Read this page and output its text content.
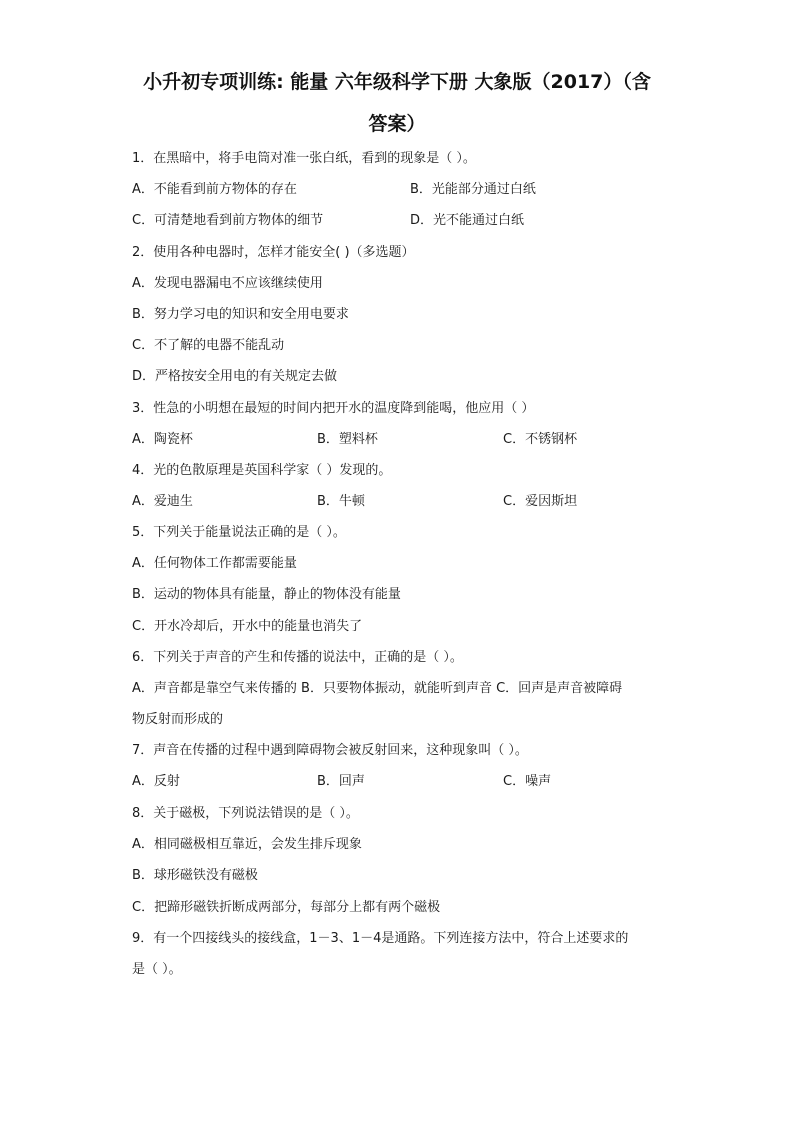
小升初专项训练: 能量 六年级科学下册 大象版（2017）（含
答案）
1．在黑暗中，将手电筒对准一张白纸，看到的现象是（ ）。
A．不能看到前方物体的存在	B．光能部分通过白纸
C．可清楚地看到前方物体的细节	D．光不能通过白纸
2．使用各种电器时，怎样才能安全( )（多选题）
A．发现电器漏电不应该继续使用
B．努力学习电的知识和安全用电要求
C．不了解的电器不能乱动
D．严格按安全用电的有关规定去做
3．性急的小明想在最短的时间内把开水的温度降到能喝，他应用（ ）
A．陶瓷杯	B．塑料杯	C．不锈钢杯
4．光的色散原理是英国科学家（ ）发现的。
A．爱迪生	B．牛顿	C．爱因斯坦
5．下列关于能量说法正确的是（ ）。
A．任何物体工作都需要能量
B．运动的物体具有能量，静止的物体没有能量
C．开水冷却后，开水中的能量也消失了
6．下列关于声音的产生和传播的说法中，正确的是（ ）。
A．声音都是靠空气来传播的 B．只要物体振动，就能听到声音 C．回声是声音被障碍
物反射而形成的
7．声音在传播的过程中遇到障碍物会被反射回来，这种现象叫（ ）。
A．反射	B．回声	C．噪声
8．关于磁极，下列说法错误的是（ ）。
A．相同磁极相互靠近，会发生排斥现象
B．球形磁铁没有磁极
C．把蹄形磁铁折断成两部分，每部分上都有两个磁极
9．有一个四接线头的接线盒，1－3、1－4是通路。下列连接方法中，符合上述要求的
是（ ）。
